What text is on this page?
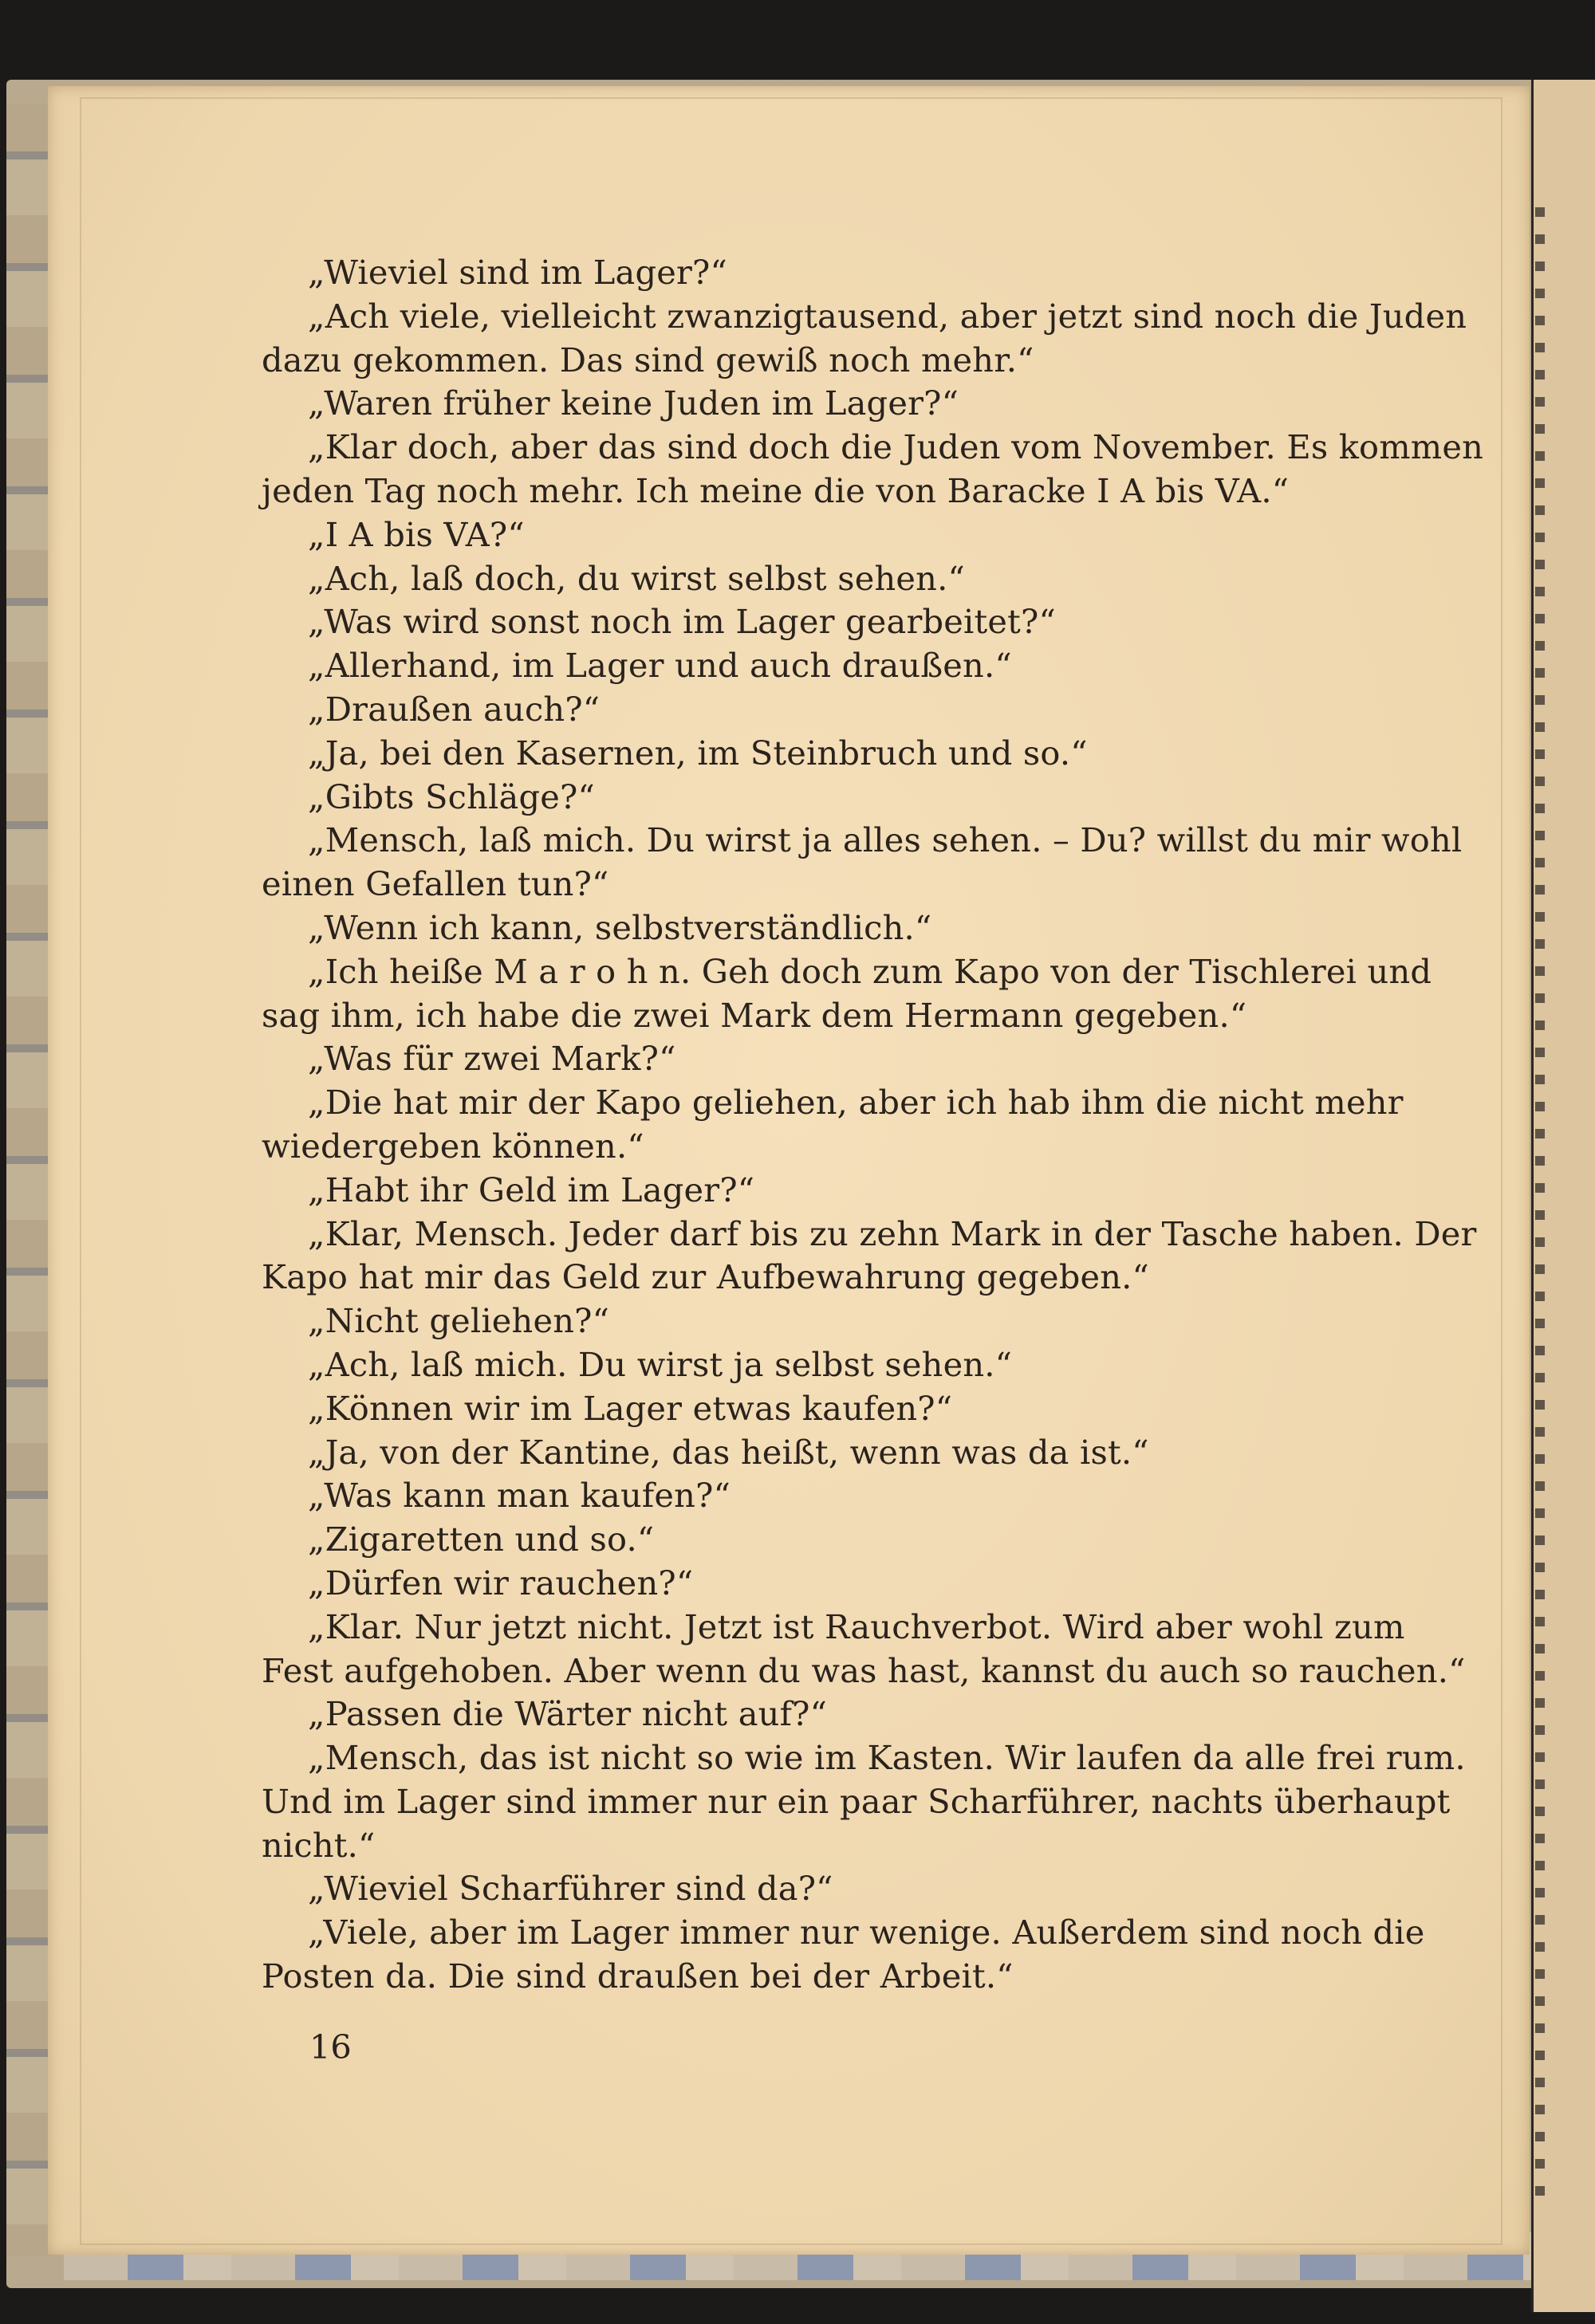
„Wieviel sind im Lager?“
„Ach viele, vielleicht zwanzigtausend, aber jetzt sind noch die Juden
dazu gekommen. Das sind gewiß noch mehr.“
„Waren früher keine Juden im Lager?“
„Klar doch, aber das sind doch die Juden vom November. Es kommen
jeden Tag noch mehr. Ich meine die von Baracke I A bis VA.“
„I A bis VA?“
„Ach, laß doch, du wirst selbst sehen.“
„Was wird sonst noch im Lager gearbeitet?“
„Allerhand, im Lager und auch draußen.“
„Draußen auch?“
„Ja, bei den Kasernen, im Steinbruch und so.“
„Gibts Schläge?“
„Mensch, laß mich. Du wirst ja alles sehen. – Du? willst du mir wohl
einen Gefallen tun?“
„Wenn ich kann, selbstverständlich.“
„Ich heiße M a r o h n. Geh doch zum Kapo von der Tischlerei und
sag ihm, ich habe die zwei Mark dem Hermann gegeben.“
„Was für zwei Mark?“
„Die hat mir der Kapo geliehen, aber ich hab ihm die nicht mehr
wiedergeben können.“
„Habt ihr Geld im Lager?“
„Klar, Mensch. Jeder darf bis zu zehn Mark in der Tasche haben. Der
Kapo hat mir das Geld zur Aufbewahrung gegeben.“
„Nicht geliehen?“
„Ach, laß mich. Du wirst ja selbst sehen.“
„Können wir im Lager etwas kaufen?“
„Ja, von der Kantine, das heißt, wenn was da ist.“
„Was kann man kaufen?“
„Zigaretten und so.“
„Dürfen wir rauchen?“
„Klar. Nur jetzt nicht. Jetzt ist Rauchverbot. Wird aber wohl zum
Fest aufgehoben. Aber wenn du was hast, kannst du auch so rauchen.“
„Passen die Wärter nicht auf?“
„Mensch, das ist nicht so wie im Kasten. Wir laufen da alle frei rum.
Und im Lager sind immer nur ein paar Scharführer, nachts überhaupt
nicht.“
„Wieviel Scharführer sind da?“
„Viele, aber im Lager immer nur wenige. Außerdem sind noch die
Posten da. Die sind draußen bei der Arbeit.“
16
